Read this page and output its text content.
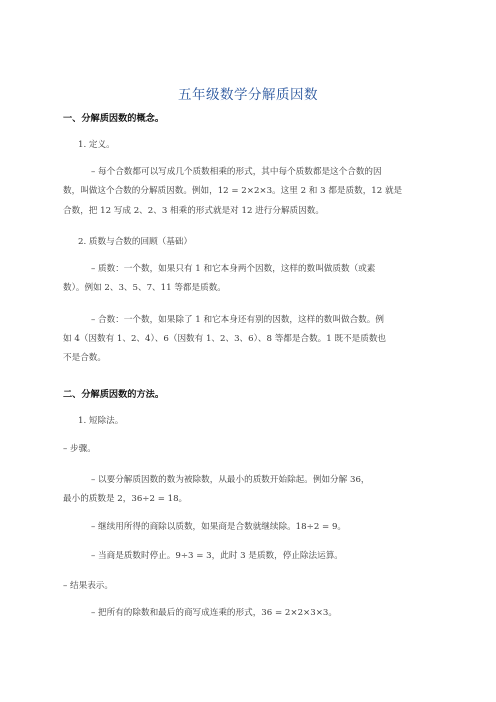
五年级数学分解质因数
一、分解质因数的概念。
1. 定义。
– 每个合数都可以写成几个质数相乘的形式，其中每个质数都是这个合数的因
数，叫做这个合数的分解质因数。例如，12 = 2×2×3。这里 2 和 3 都是质数，12 就是
合数，把 12 写成 2、2、3 相乘的形式就是对 12 进行分解质因数。
2. 质数与合数的回顾（基础）
– 质数：一个数，如果只有 1 和它本身两个因数，这样的数叫做质数（或素
数）。例如 2、3、5、7、11 等都是质数。
– 合数：一个数，如果除了 1 和它本身还有别的因数，这样的数叫做合数。例
如 4（因数有 1、2、4）、6（因数有 1、2、3、6）、8 等都是合数。1 既不是质数也
不是合数。
二、分解质因数的方法。
1. 短除法。
– 步骤。
– 以要分解质因数的数为被除数，从最小的质数开始除起。例如分解 36，
最小的质数是 2，36÷2 = 18。
– 继续用所得的商除以质数，如果商是合数就继续除。18÷2 = 9。
– 当商是质数时停止。9÷3 = 3，此时 3 是质数，停止除法运算。
– 结果表示。
– 把所有的除数和最后的商写成连乘的形式，36 = 2×2×3×3。
